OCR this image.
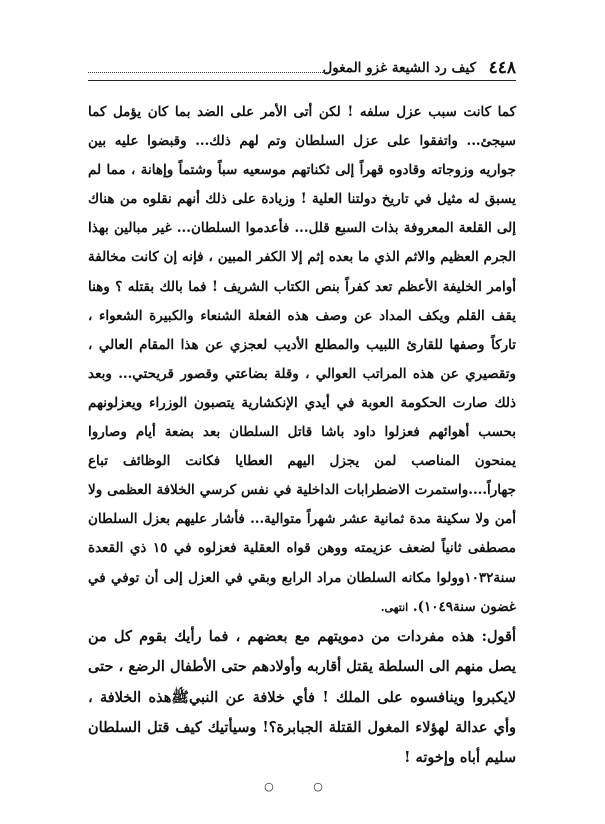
٤٤٨
كيف رد الشيعة غزو المغول

كما كانت سبب عزل سلفه ! لكن أتى الأمر على الضد بما كان يؤمل كما سيجئ... واتفقوا على عزل السلطان وتم لهم ذلك... وقبضوا عليه بين جواريه وزوجاته وقادوه قهراً إلى ثكناتهم موسعيه سباً وشتماً وإهانة ، مما لم يسبق له مثيل في تاريخ دولتنا العلية ! وزيادة على ذلك أنهم نقلوه من هناك إلى القلعة المعروفة بذات السبع قلل... فأعدموا السلطان... غير مبالين بهذا الجرم العظيم والاثم الذي ما بعده إثم إلا الكفر المبين ، فإنه إن كانت مخالفة أوامر الخليفة الأعظم تعد كفراً بنص الكتاب الشريف ! فما بالك بقتله ؟ وهنا يقف القلم ويكف المداد عن وصف هذه الفعلة الشنعاء والكبيرة الشعواء ، تاركاً وصفها للقارئ اللبيب والمطلع الأديب لعجزي عن هذا المقام العالي ، وتقصيري عن هذه المراتب العوالي ، وقلة بضاعتي وقصور قريحتي... وبعد ذلك صارت الحكومة العوبة في أيدي الإنكشارية يتصبون الوزراء ويعزلونهم بحسب أهوائهم فعزلوا داود باشا قاتل السلطان بعد بضعة أيام وصاروا يمنحون المناصب لمن يجزل اليهم العطايا فكانت الوظائف تباع جهاراً....واستمرت الاضطرابات الداخلية في نفس كرسي الخلافة العظمى ولا أمن ولا سكينة مدة ثمانية عشر شهراً متوالية... فأشار عليهم بعزل السلطان مصطفى ثانياً لضعف عزيمته ووهن قواه العقلية فعزلوه في ١٥ ذي القعدة سنة١٠٣٢وولوا مكانه السلطان مراد الرابع وبقي في العزل إلى أن توفي في غضون سنة١٠٤٩). انتهى.

أقول: هذه مفردات من دمويتهم مع بعضهم ، فما رأيك بقوم كل من يصل منهم الى السلطة يقتل أقاربه وأولادهم حتى الأطفال الرضع ، حتى لايكبروا وينافسوه على الملك ! فأي خلافة عن النبيﷺهذه الخلافة ، وأي عدالة لهؤلاء المغول القتلة الجبابرة؟! وسيأتيك كيف قتل السلطان سليم أباه وإخوته !

○ ○
